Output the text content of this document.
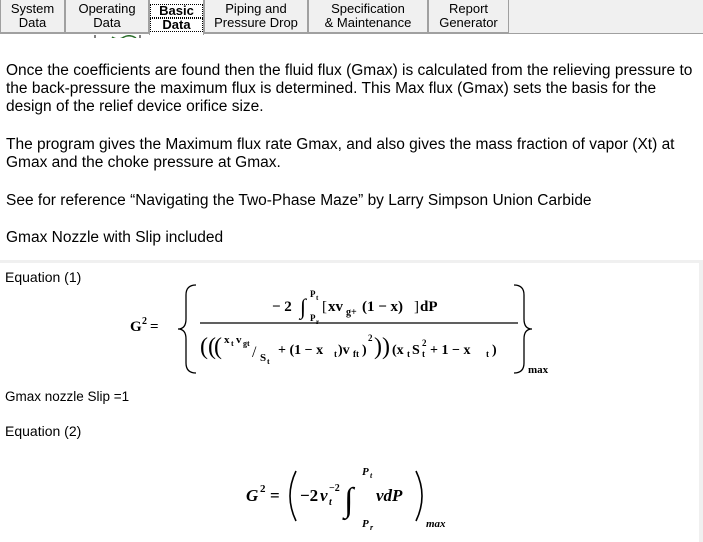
System
Data
Operating
Data
Basic
Data
Piping and
Pressure Drop
Specification
& Maintenance
Report
Generator

Once the coefficients are found then the fluid flux (Gmax) is calculated from the relieving pressure to the back-pressure the maximum flux is determined. This Max flux (Gmax) sets the basis for the design of the relief device orifice size.

The program gives the Maximum flux rate Gmax, and also gives the mass fraction of vapor (Xt) at Gmax and the choke pressure at Gmax.

See for reference “Navigating the Two-Phase Maze” by Larry Simpson Union Carbide

Gmax Nozzle with Slip included

Equation (1)
G 2 =
− 2 ∫ P t
P r
[ xv g+ (1 − x) ] dP
((
( x t v gt
/ S t
+ (1 − x t )v ft )
2 )) (x t S t
2 + 1 − x t )
max
Gmax nozzle Slip =1
Equation (2)
G 2 = −2 v t
−2 ∫
P t
P r
vdP
max
